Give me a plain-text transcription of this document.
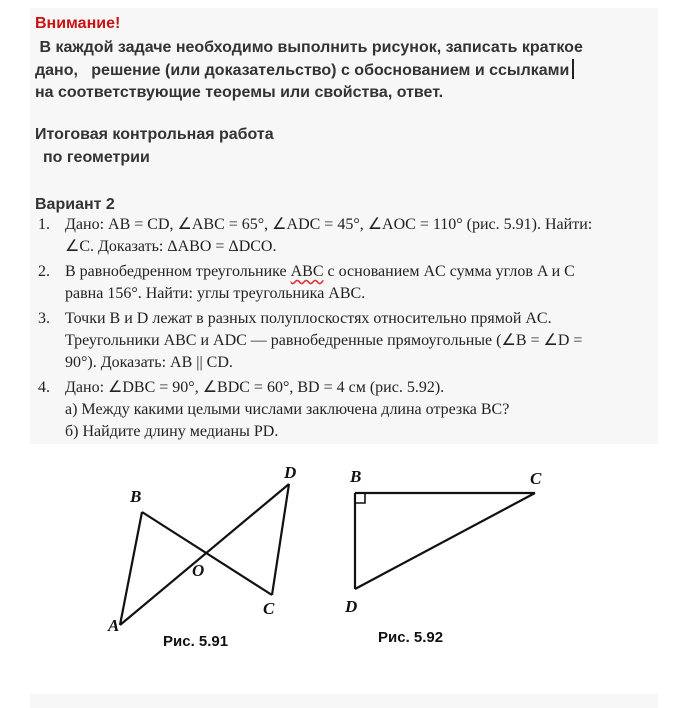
Внимание!
В каждой задаче необходимо выполнить рисунок, записать краткое
дано,   решение (или доказательство) с обоснованием и ссылками
на соответствующие теоремы или свойства, ответ.
Итоговая контрольная работа
по геометрии
Вариант 2
1. Дано: AB = CD, ∠ABC = 65°, ∠ADC = 45°, ∠AOC = 110° (рис. 5.91). Найти:
∠C. Доказать: ΔABO = ΔDCO.
2. В равнобедренном треугольнике ABC с основанием AC сумма углов A и C
равна 156°. Найти: углы треугольника ABC.
3. Точки B и D лежат в разных полуплоскостях относительно прямой AC.
Треугольники ABC и ADC — равнобедренные прямоугольные (∠B = ∠D =
90°). Доказать: AB || CD.
4. Дано: ∠DBC = 90°, ∠BDC = 60°, BD = 4 см (рис. 5.92).
а) Между какими целыми числами заключена длина отрезка BC?
б) Найдите длину медианы PD.
B
D
O
C
A
Рис. 5.91
B	C
D
Рис. 5.92
